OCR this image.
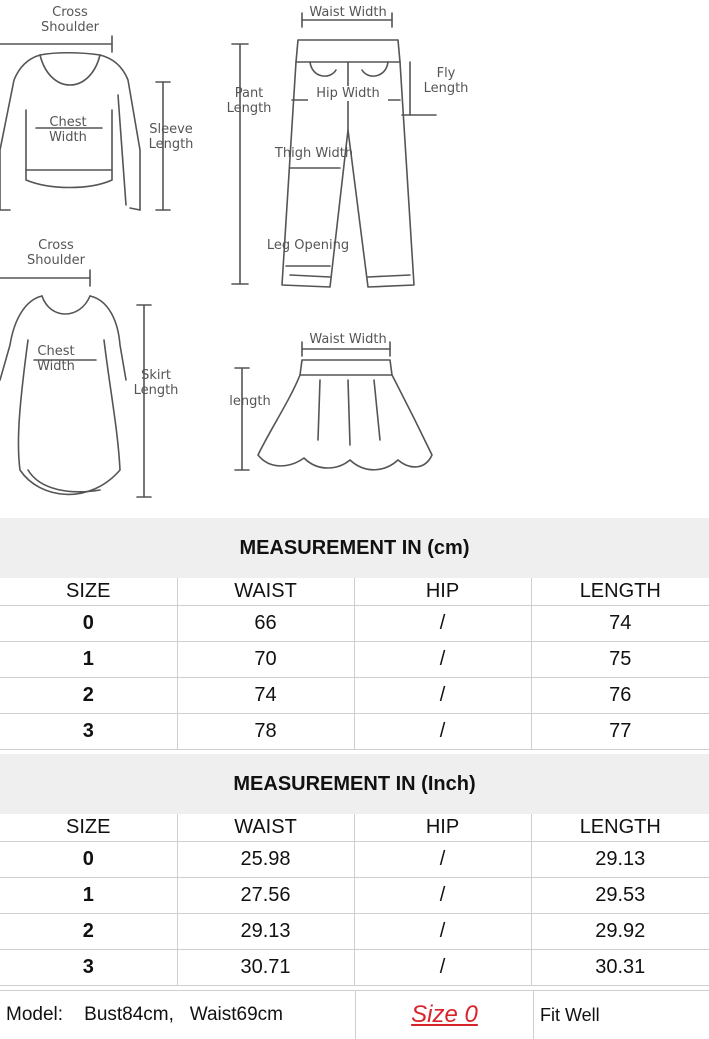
Cross
Shoulder
Chest
Width
Sleeve
Length
Cross
Shoulder
Chest
Width
Skirt
Length
Waist Width
Pant
Length
Hip Width
Fly
Length
Thigh Width
Leg Opening
Waist Width
length
MEASUREMENT IN (cm)
SIZE	WAIST	HIP	LENGTH
0	66	/	74
1	70	/	75
2	74	/	76
3	78	/	77
MEASUREMENT IN (Inch)
SIZE	WAIST	HIP	LENGTH
0	25.98	/	29.13
1	27.56	/	29.53
2	29.13	/	29.92
3	30.71	/	30.31
Model:    Bust84cm,   Waist69cm	Size 0	Fit Well
